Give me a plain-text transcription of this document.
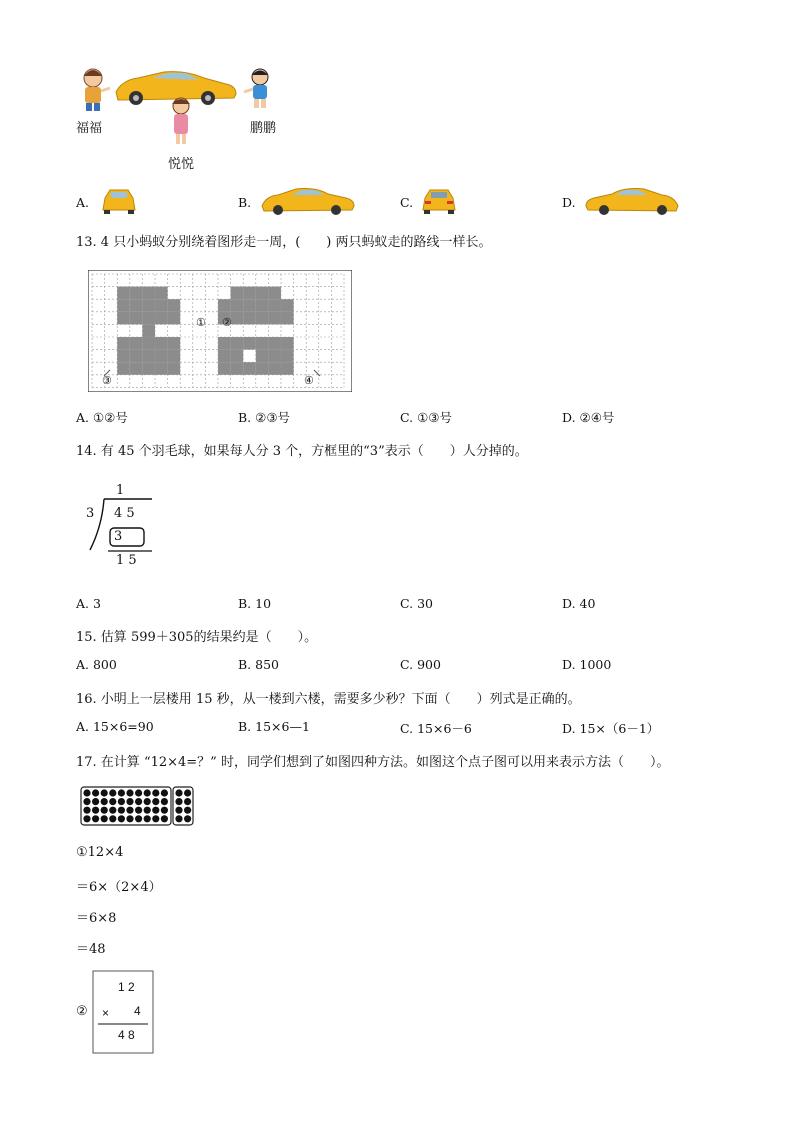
福福
悦悦
鹏鹏
A.	B.	C.	D.
13. 4 只小蚂蚁分别绕着图形走一周，(　　) 两只蚂蚁走的路线一样长。
① ②
③	④
A. ①②号	B. ②③号	C. ①③号	D. ②④号
14. 有 45 个羽毛球，如果每人分 3 个，方框里的“3”表示（　　）人分掉的。
1
3 4 5
3
1 5
A. 3	B. 10	C. 30	D. 40
15. 估算 599＋305的结果约是（　　）。
A. 800	B. 850	C. 900	D. 1000
16. 小明上一层楼用 15 秒，从一楼到六楼，需要多少秒？下面（　　）列式是正确的。
A. 15×6=90	B. 15×6—1	C. 15×6－6	D. 15×（6－1）
17. 在计算 “12×4=？” 时，同学们想到了如图四种方法。如图这个点子图可以用来表示方法（　　）。
①12×4
＝6×（2×4）
＝6×8
＝48
②
1 2
× 4
4 8
